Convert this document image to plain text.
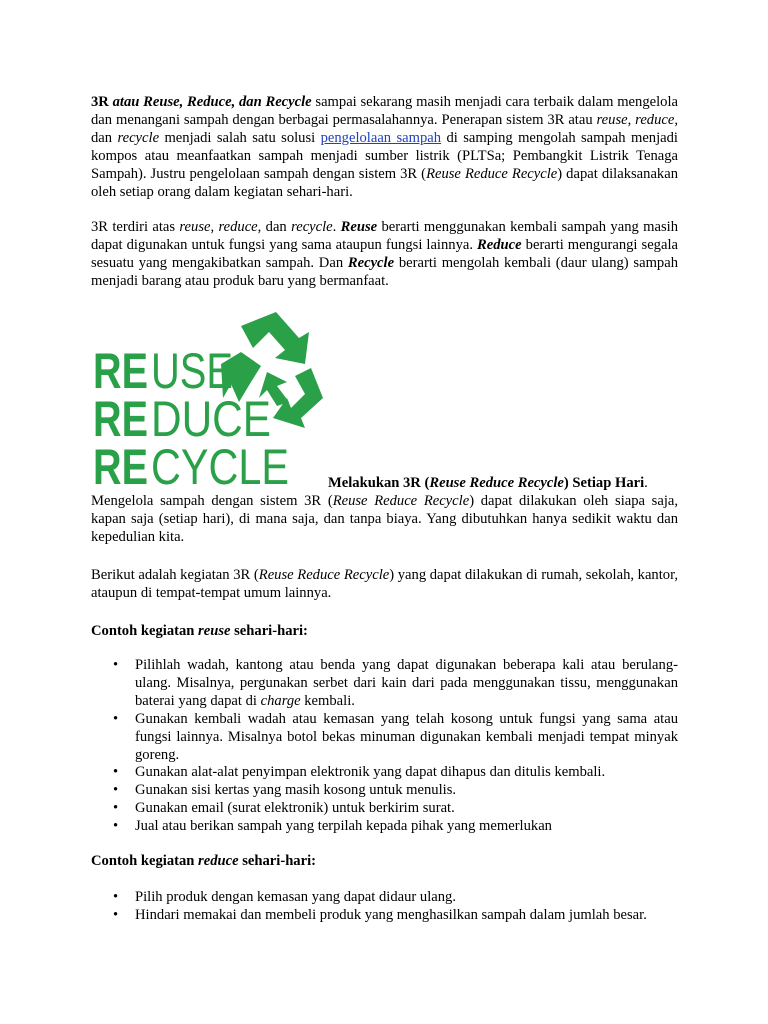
3R atau Reuse, Reduce, dan Recycle sampai sekarang masih menjadi cara terbaik dalam mengelola dan menangani sampah dengan berbagai permasalahannya. Penerapan sistem 3R atau reuse, reduce, dan recycle menjadi salah satu solusi pengelolaan sampah di samping mengolah sampah menjadi kompos atau meanfaatkan sampah menjadi sumber listrik (PLTSa; Pembangkit Listrik Tenaga Sampah). Justru pengelolaan sampah dengan sistem 3R (Reuse Reduce Recycle) dapat dilaksanakan oleh setiap orang dalam kegiatan sehari-hari.

3R terdiri atas reuse, reduce, dan recycle. Reuse berarti menggunakan kembali sampah yang masih dapat digunakan untuk fungsi yang sama ataupun fungsi lainnya. Reduce berarti mengurangi segala sesuatu yang mengakibatkan sampah. Dan Recycle berarti mengolah kembali (daur ulang) sampah menjadi barang atau produk baru yang bermanfaat.

RE USE
RE DUCE
RE CYCLE	Melakukan 3R (Reuse Reduce Recycle) Setiap Hari.

Mengelola sampah dengan sistem 3R (Reuse Reduce Recycle) dapat dilakukan oleh siapa saja, kapan saja (setiap hari), di mana saja, dan tanpa biaya. Yang dibutuhkan hanya sedikit waktu dan kepedulian kita.

Berikut adalah kegiatan 3R (Reuse Reduce Recycle) yang dapat dilakukan di rumah, sekolah, kantor, ataupun di tempat-tempat umum lainnya.

Contoh kegiatan reuse sehari-hari:
• Pilihlah wadah, kantong atau benda yang dapat digunakan beberapa kali atau berulang-ulang. Misalnya, pergunakan serbet dari kain dari pada menggunakan tissu, menggunakan baterai yang dapat di charge kembali.
• Gunakan kembali wadah atau kemasan yang telah kosong untuk fungsi yang sama atau fungsi lainnya. Misalnya botol bekas minuman digunakan kembali menjadi tempat minyak goreng.
• Gunakan alat-alat penyimpan elektronik yang dapat dihapus dan ditulis kembali.
• Gunakan sisi kertas yang masih kosong untuk menulis.
• Gunakan email (surat elektronik) untuk berkirim surat.
• Jual atau berikan sampah yang terpilah kepada pihak yang memerlukan
Contoh kegiatan reduce sehari-hari:
• Pilih produk dengan kemasan yang dapat didaur ulang.
• Hindari memakai dan membeli produk yang menghasilkan sampah dalam jumlah besar.
